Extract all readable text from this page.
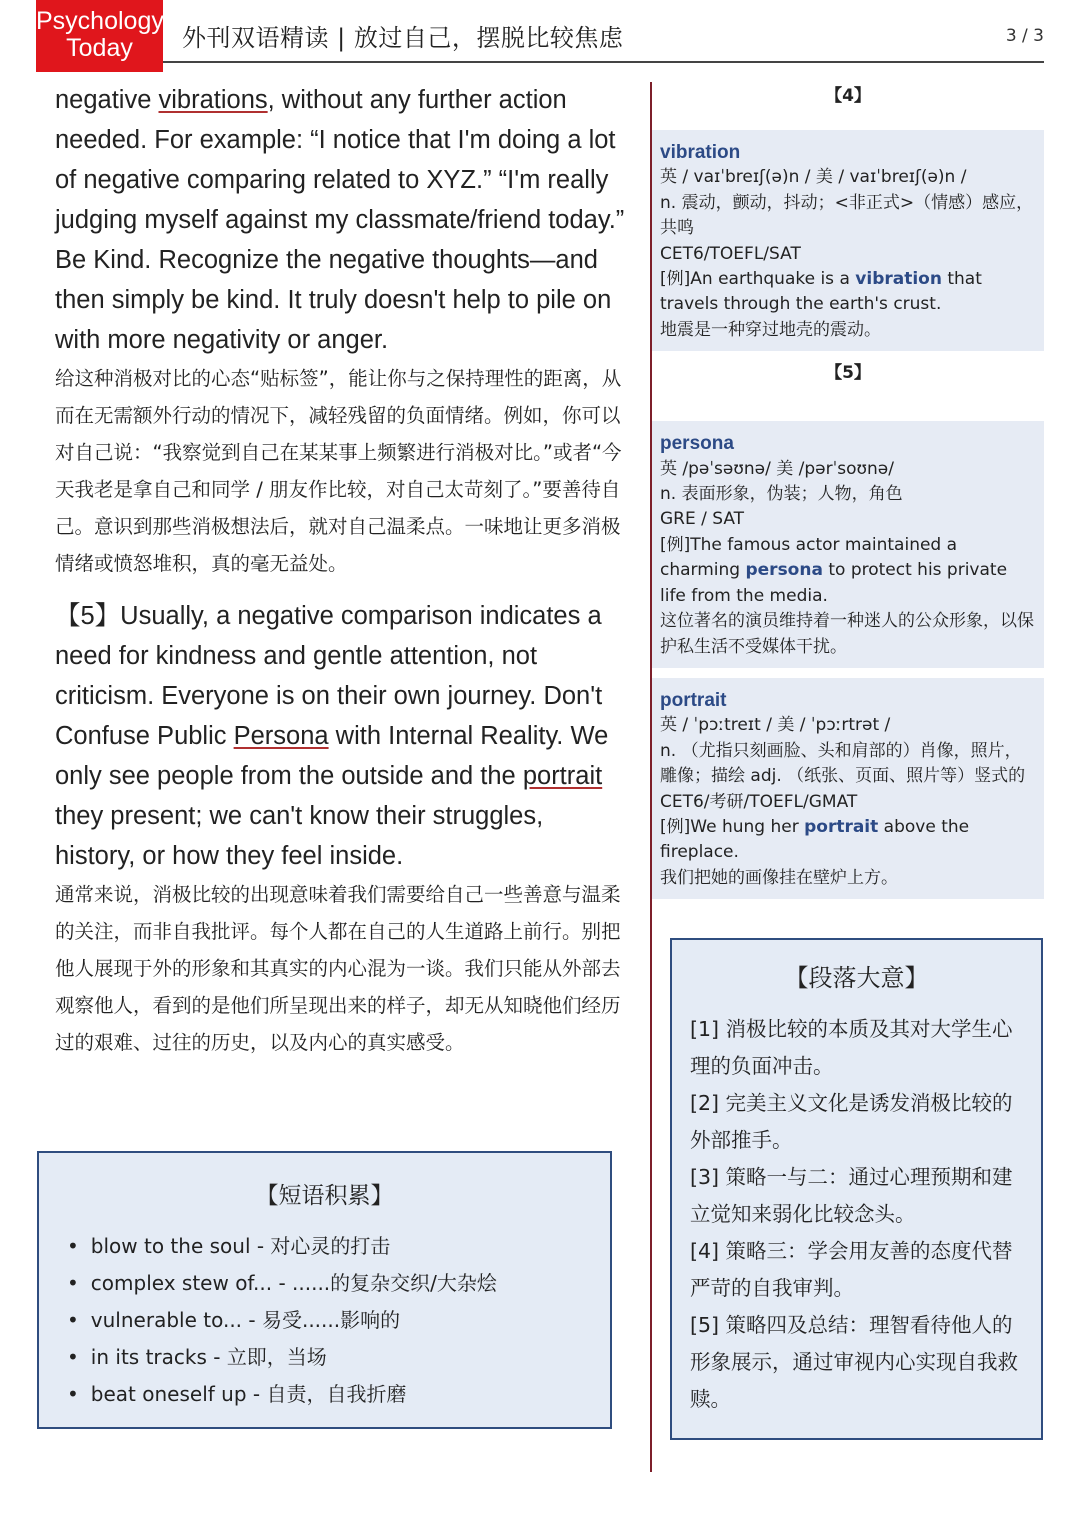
Psychology
Today	外刊双语精读 | 放过自己，摆脱比较焦虑	3 / 3

negative vibrations, without any further action needed. For example: “I notice that I'm doing a lot of negative comparing related to XYZ.” “I'm really judging myself against my classmate/friend today.” Be Kind. Recognize the negative thoughts—and then simply be kind. It truly doesn't help to pile on with more negativity or anger.

给这种消极对比的心态“贴标签”，能让你与之保持理性的距离，从而在无需额外行动的情况下，减轻残留的负面情绪。例如，你可以对自己说：“我察觉到自己在某某事上频繁进行消极对比。”或者“今天我老是拿自己和同学 / 朋友作比较，对自己太苛刻了。”要善待自己。意识到那些消极想法后，就对自己温柔点。一味地让更多消极情绪或愤怒堆积，真的毫无益处。

【5】Usually, a negative comparison indicates a need for kindness and gentle attention, not criticism. Everyone is on their own journey. Don't Confuse Public Persona with Internal Reality. We only see people from the outside and the portrait they present; we can't know their struggles, history, or how they feel inside.

通常来说，消极比较的出现意味着我们需要给自己一些善意与温柔的关注，而非自我批评。每个人都在自己的人生道路上前行。别把他人展现于外的形象和其真实的内心混为一谈。我们只能从外部去观察他人，看到的是他们所呈现出来的样子，却无从知晓他们经历过的艰难、过往的历史，以及内心的真实感受。

【短语积累】
• blow to the soul - 对心灵的打击
• complex stew of... - ......的复杂交织/大杂烩
• vulnerable to... - 易受......影响的
• in its tracks - 立即，当场
• beat oneself up - 自责，自我折磨
【4】
vibration
英 / vaɪˈbreɪʃ(ə)n / 美 / vaɪˈbreɪʃ(ə)n /
n. 震动，颤动，抖动；<非正式>（情感）感应，共鸣
CET6/TOEFL/SAT
[例]An earthquake is a vibration that travels through the earth's crust.
地震是一种穿过地壳的震动。
【5】
persona
英 /pəˈsəʊnə/ 美 /pərˈsoʊnə/
n. 表面形象，伪装；人物，角色
GRE / SAT
[例]The famous actor maintained a charming persona to protect his private life from the media.
这位著名的演员维持着一种迷人的公众形象，以保护私生活不受媒体干扰。
portrait
英 / ˈpɔːtreɪt / 美 / ˈpɔːrtrət /
n. （尤指只刻画脸、头和肩部的）肖像，照片，雕像；描绘 adj. （纸张、页面、照片等）竖式的
CET6/考研/TOEFL/GMAT
[例]We hung her portrait above the fireplace.
我们把她的画像挂在壁炉上方。
【段落大意】
[1] 消极比较的本质及其对大学生心理的负面冲击。
[2] 完美主义文化是诱发消极比较的外部推手。
[3] 策略一与二：通过心理预期和建立觉知来弱化比较念头。
[4] 策略三：学会用友善的态度代替严苛的自我审判。
[5] 策略四及总结：理智看待他人的形象展示，通过审视内心实现自我救赎。
